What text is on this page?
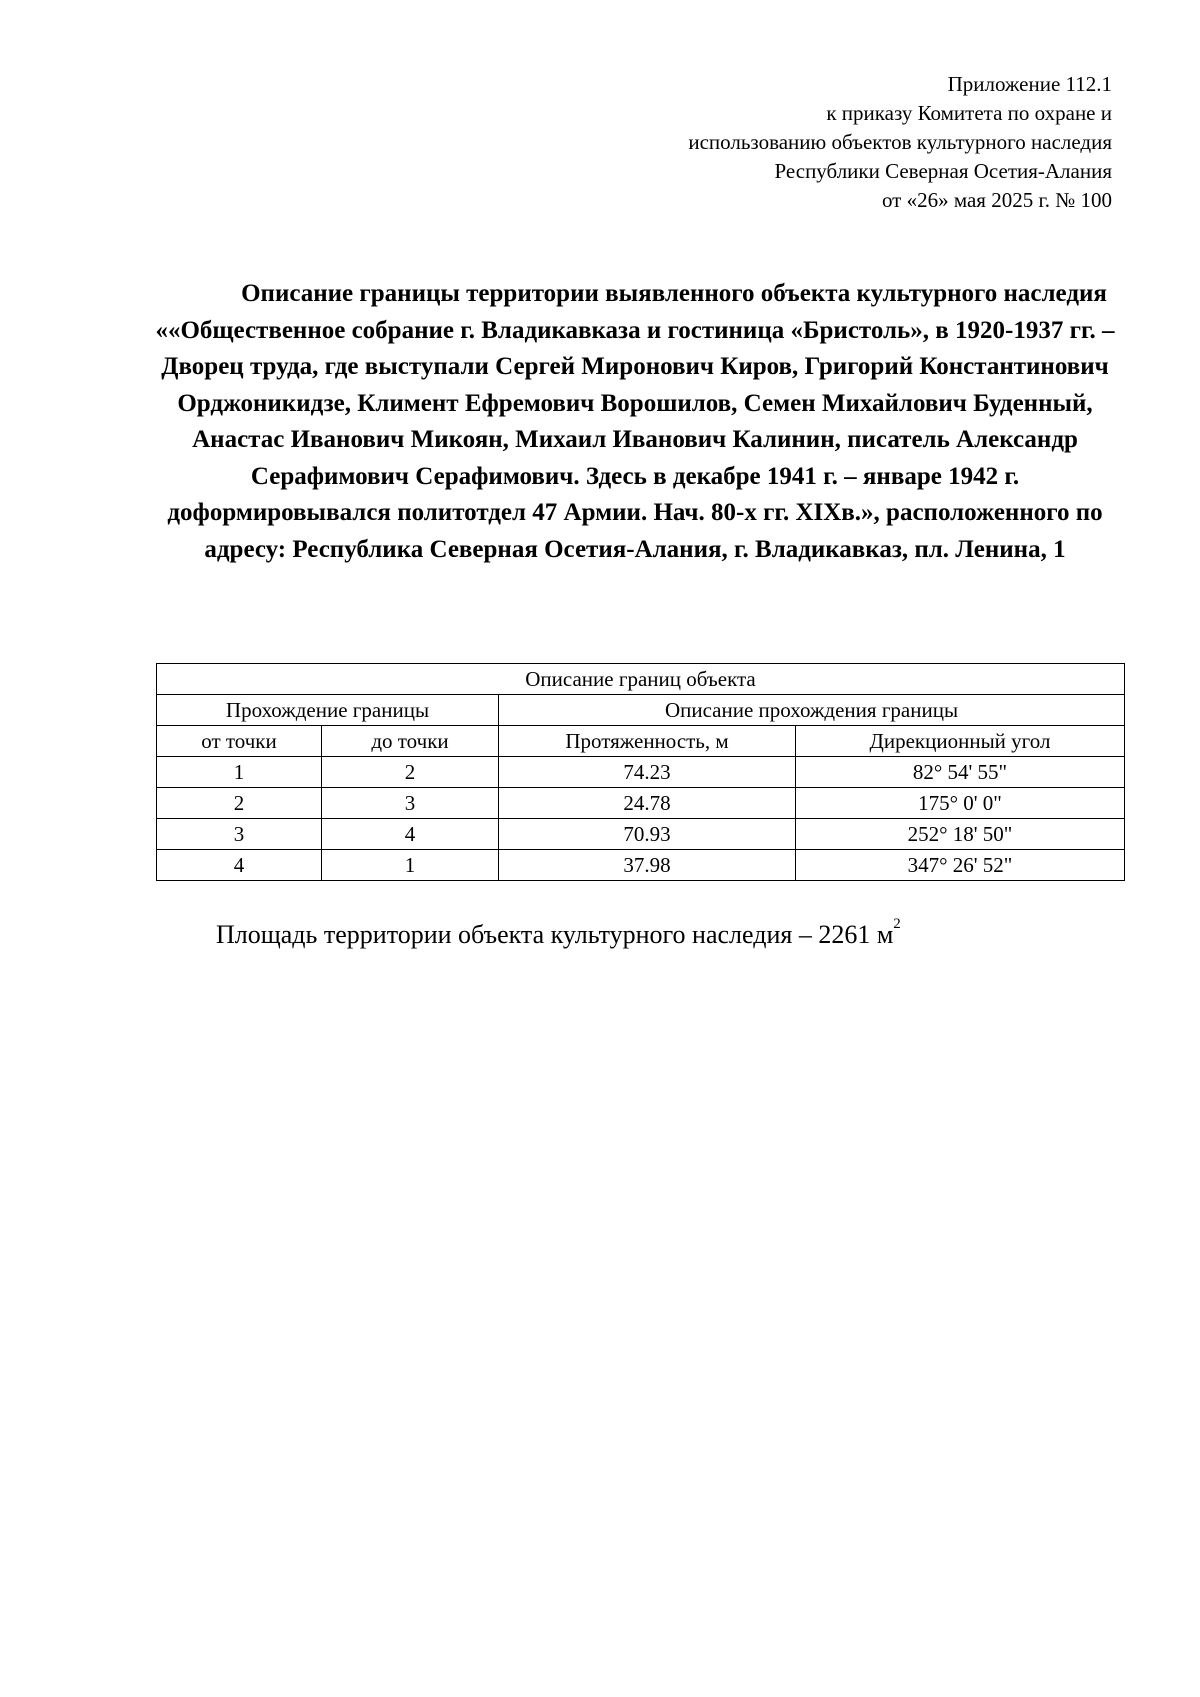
Приложение 112.1
к приказу Комитета по охране и
использованию объектов культурного наследия
Республики Северная Осетия-Алания
от «26» мая 2025 г. № 100

Описание границы территории выявленного объекта культурного наследия ««Общественное собрание г. Владикавказа и гостиница «Бристоль», в 1920-1937 гг. – Дворец труда, где выступали Сергей Миронович Киров, Григорий Константинович Орджоникидзе, Климент Ефремович Ворошилов, Семен Михайлович Буденный, Анастас Иванович Микоян, Михаил Иванович Калинин, писатель Александр Серафимович Серафимович. Здесь в декабре 1941 г. – январе 1942 г. доформировывался политотдел 47 Армии. Нач. 80-х гг. XIXв.», расположенного по адресу: Республика Северная Осетия-Алания, г. Владикавказ, пл. Ленина, 1

Описание границ объекта			
Прохождение границы		Описание прохождения границы	
от точки	до точки	Протяженность, м	Дирекционный угол
1	2	74.23	82° 54' 55"
2	3	24.78	175° 0' 0"
3	4	70.93	252° 18' 50"
4	1	37.98	347° 26' 52"
Площадь территории объекта культурного наследия – 2261 $м^2$
